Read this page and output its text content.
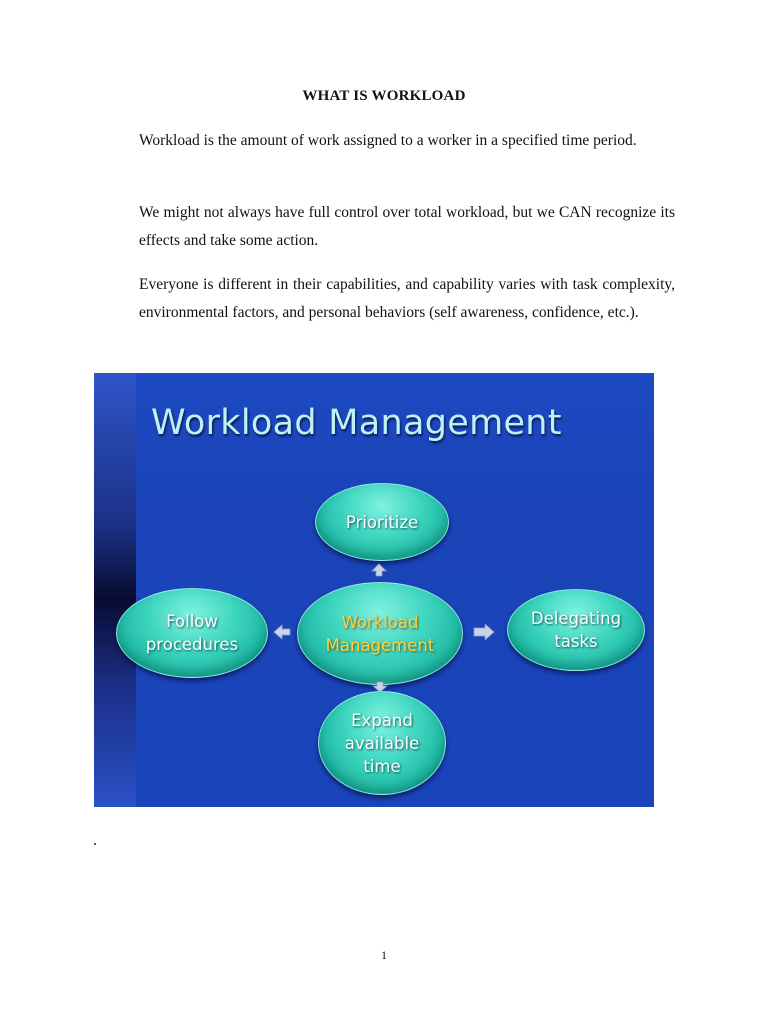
WHAT IS WORKLOAD

Workload is the amount of work assigned to a worker in a specified time period.

We might not always have full control over total workload, but we CAN recognize its effects and take some action.

Everyone is different in their capabilities, and capability varies with task complexity, environmental factors, and personal behaviors (self awareness, confidence, etc.).

Workload Management
Prioritize
Workload
Management
Follow
procedures
Delegating
tasks
Expand
available
time
.
1
